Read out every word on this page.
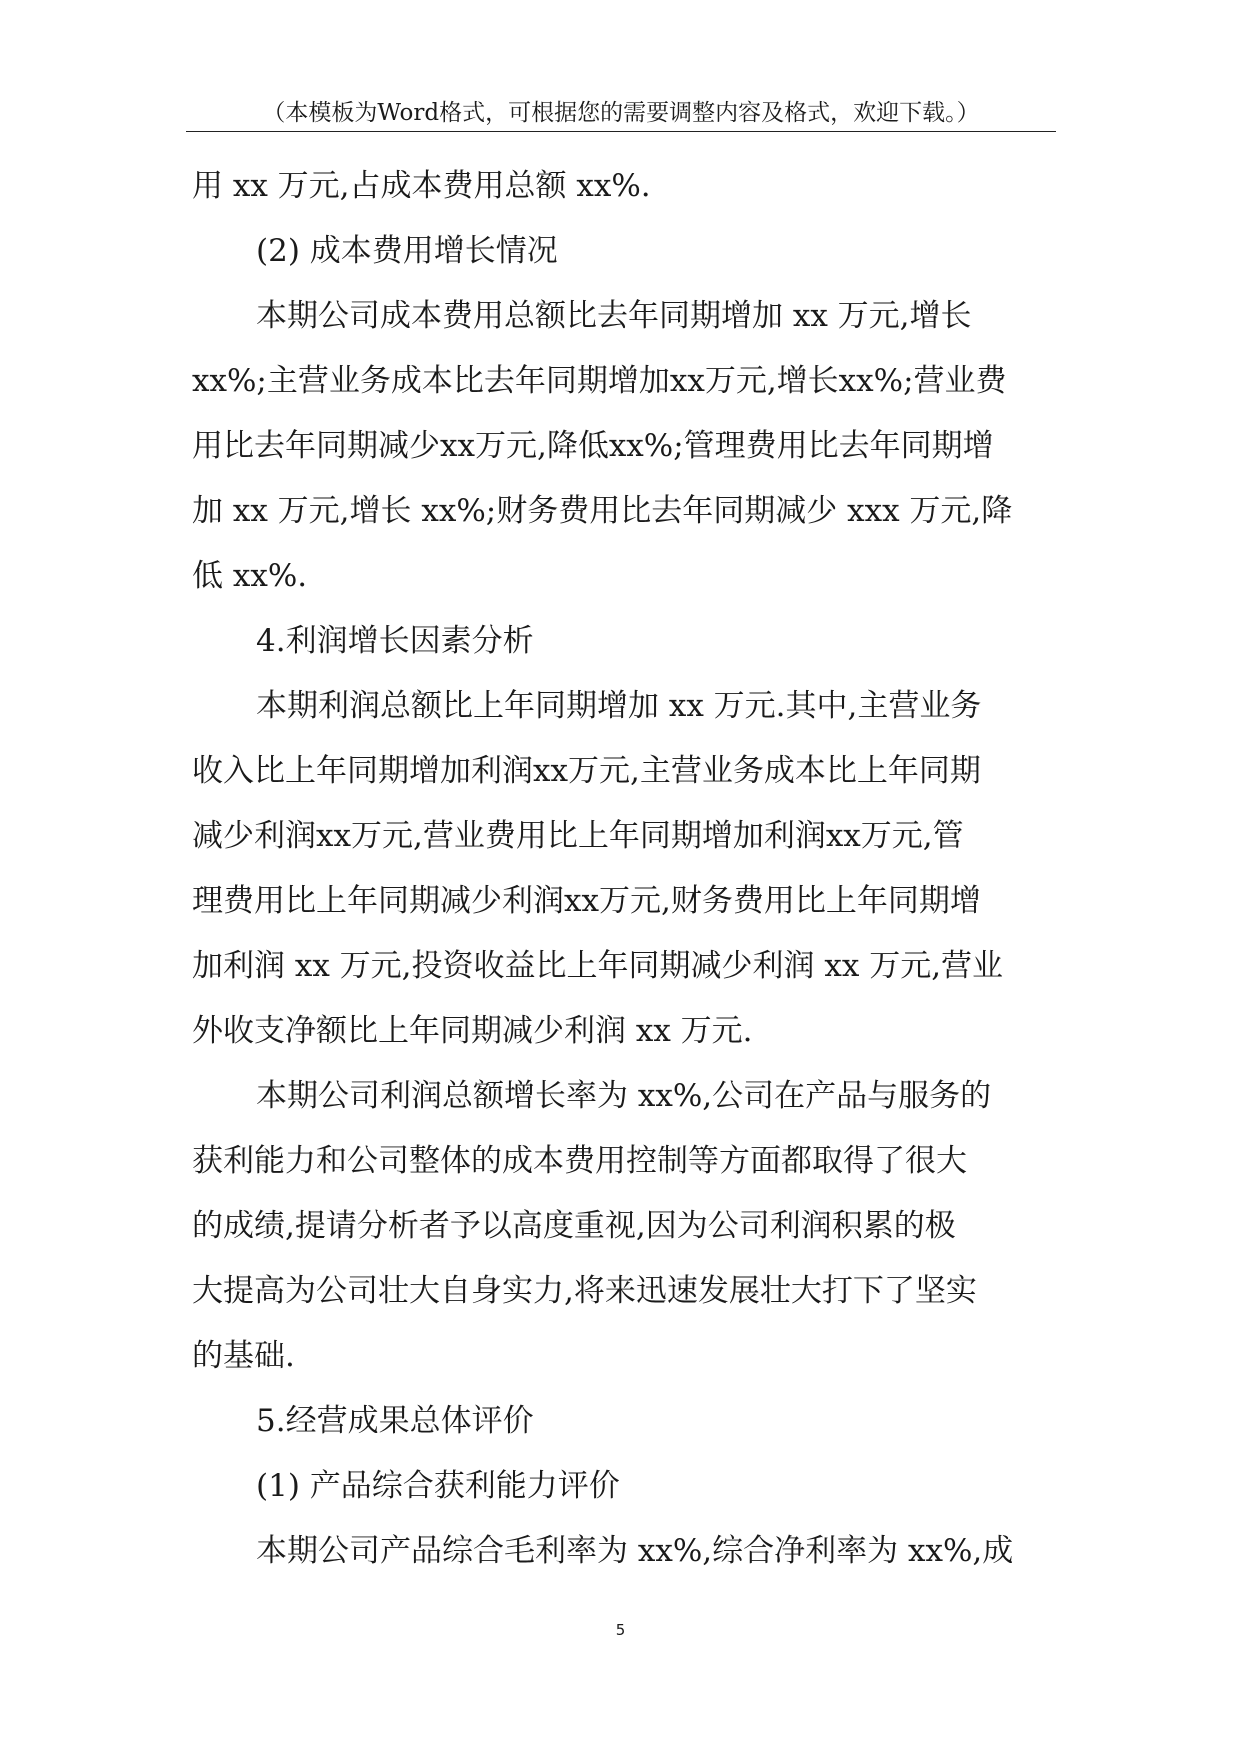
（本模板为Word格式，可根据您的需要调整内容及格式，欢迎下载。）
用 xx 万元,占成本费用总额 xx%.
(2) 成本费用增长情况
本期公司成本费用总额比去年同期增加 xx 万元,增长
xx%;主营业务成本比去年同期增加xx万元,增长xx%;营业费
用比去年同期减少xx万元,降低xx%;管理费用比去年同期增
加 xx 万元,增长 xx%;财务费用比去年同期减少 xxx 万元,降
低 xx%.
4.利润增长因素分析
本期利润总额比上年同期增加 xx 万元.其中,主营业务
收入比上年同期增加利润xx万元,主营业务成本比上年同期
减少利润xx万元,营业费用比上年同期增加利润xx万元,管
理费用比上年同期减少利润xx万元,财务费用比上年同期增
加利润 xx 万元,投资收益比上年同期减少利润 xx 万元,营业
外收支净额比上年同期减少利润 xx 万元.
本期公司利润总额增长率为 xx%,公司在产品与服务的
获利能力和公司整体的成本费用控制等方面都取得了很大
的成绩,提请分析者予以高度重视,因为公司利润积累的极
大提高为公司壮大自身实力,将来迅速发展壮大打下了坚实
的基础.
5.经营成果总体评价
(1) 产品综合获利能力评价
本期公司产品综合毛利率为 xx%,综合净利率为 xx%,成
5
